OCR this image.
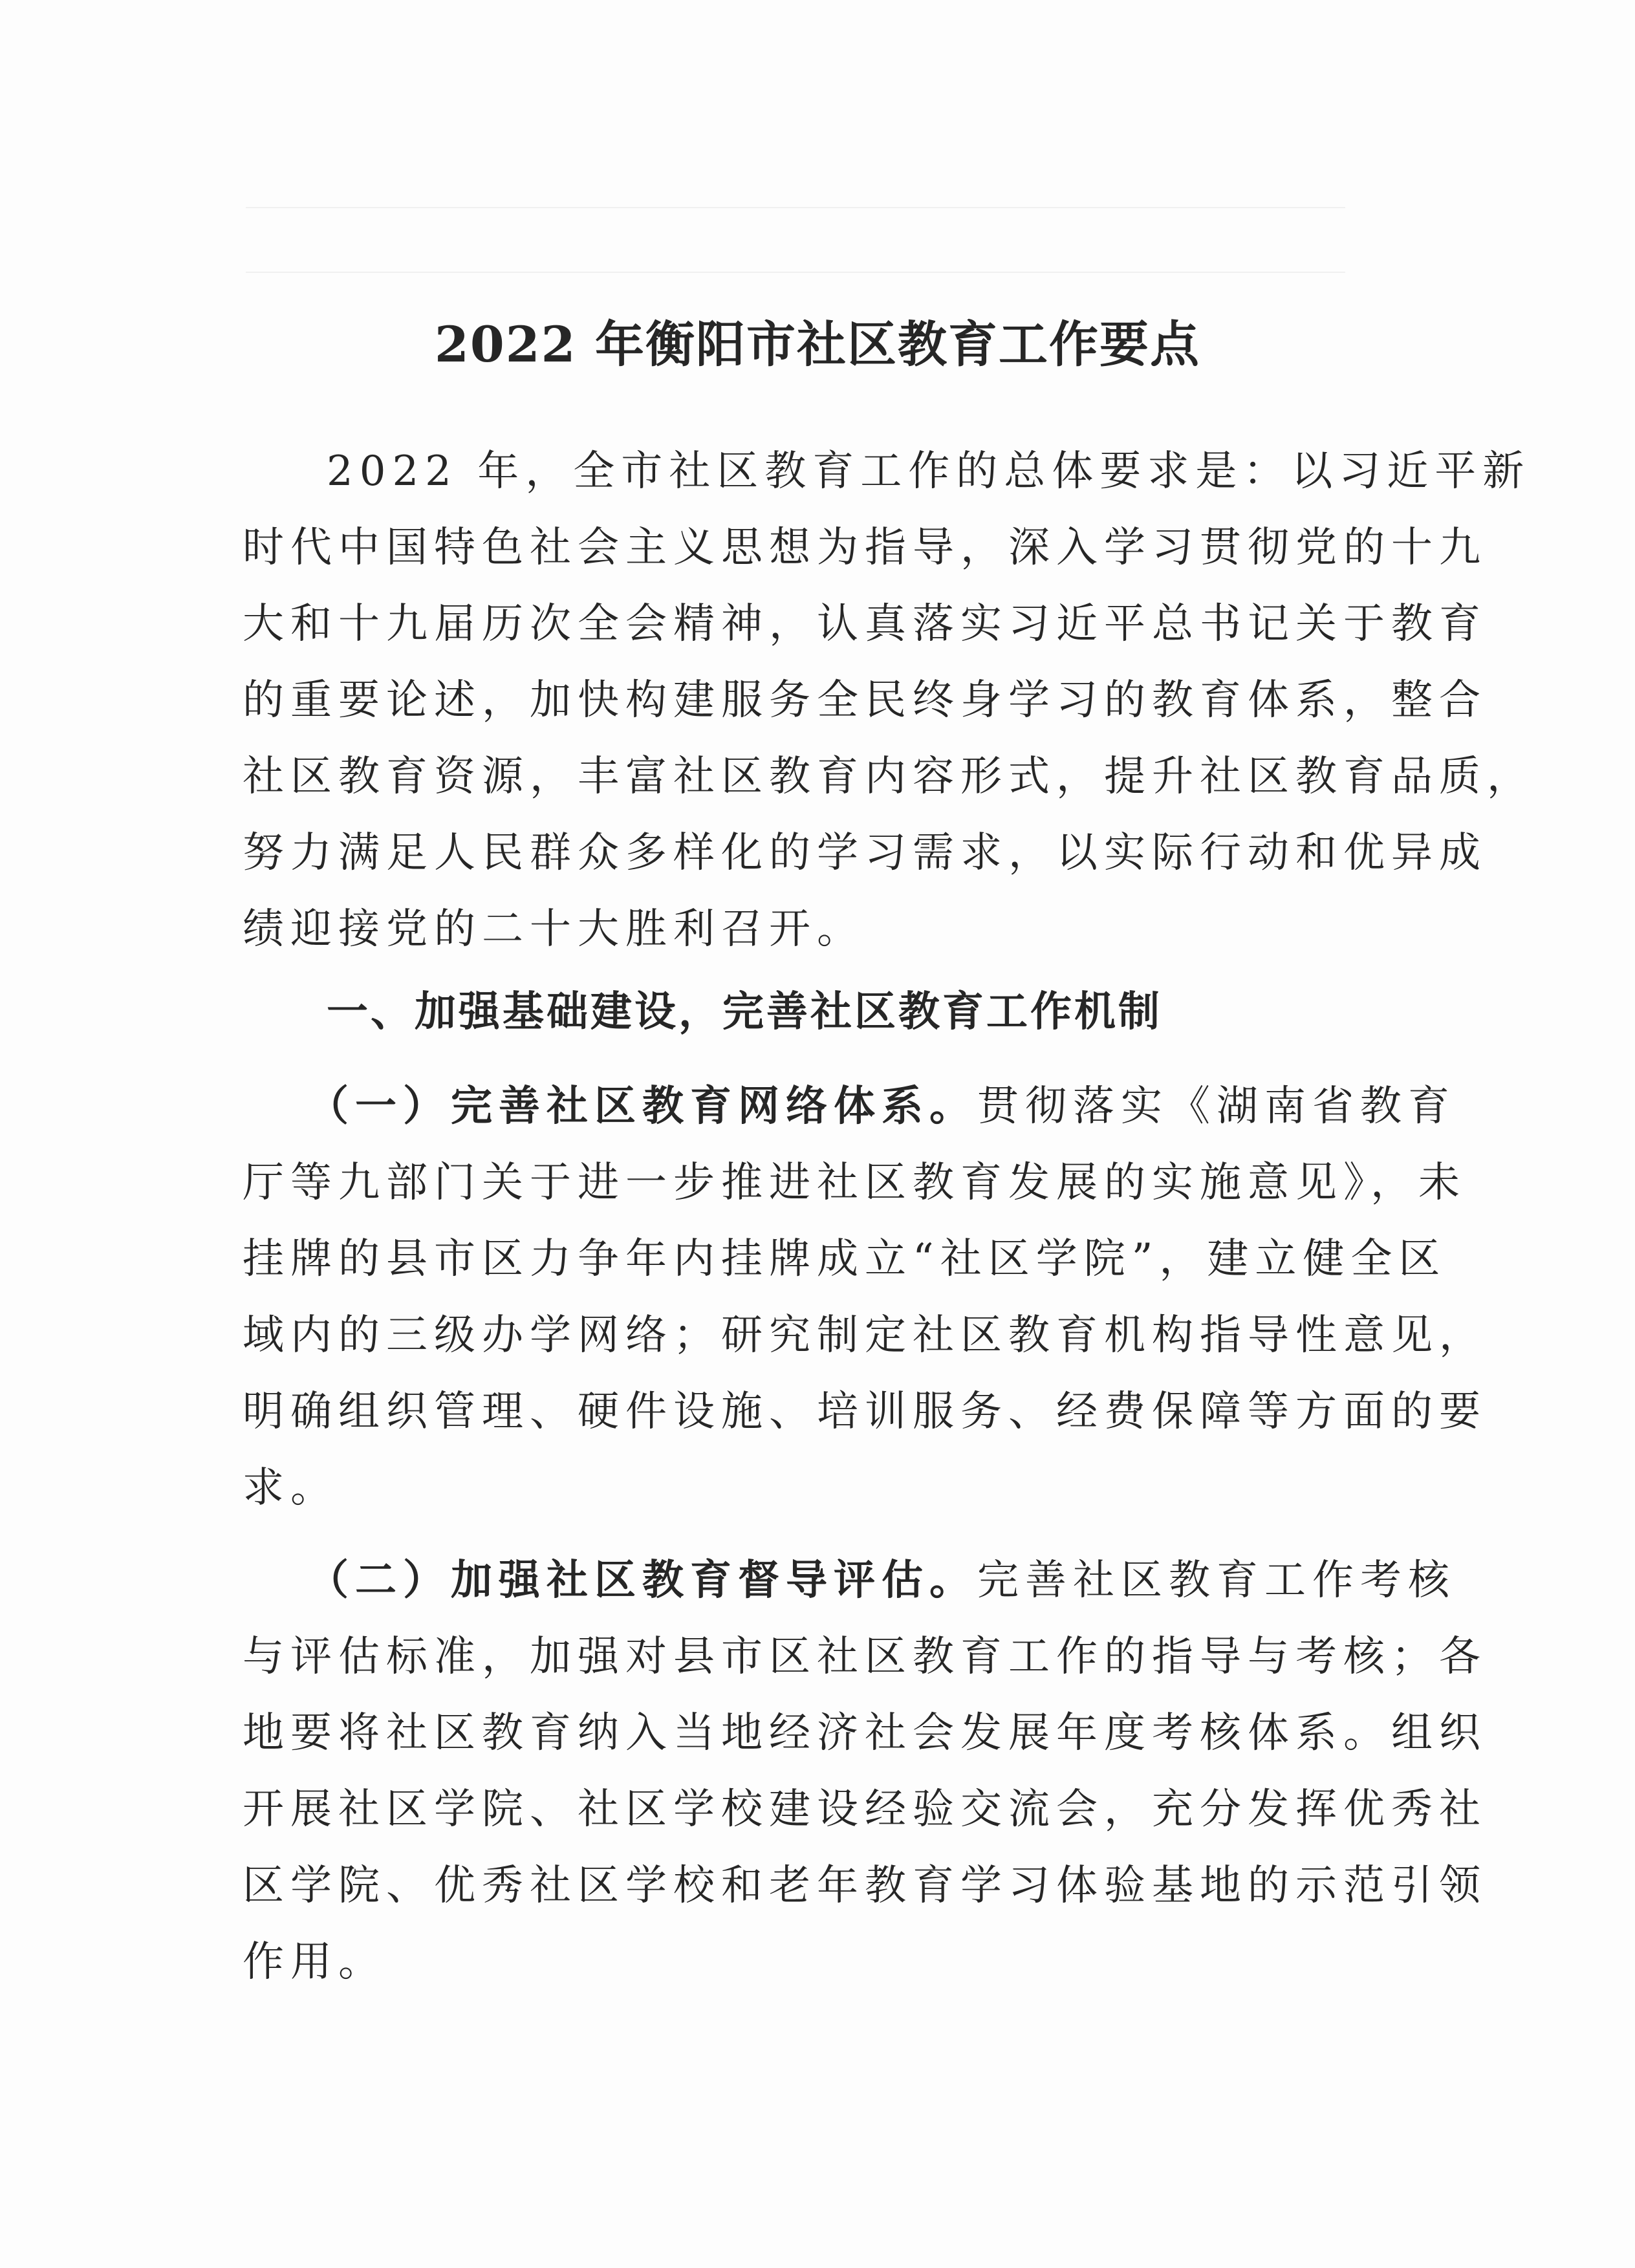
2022 年衡阳市社区教育工作要点
2022 年，全市社区教育工作的总体要求是：以习近平新
时代中国特色社会主义思想为指导，深入学习贯彻党的十九
大和十九届历次全会精神，认真落实习近平总书记关于教育
的重要论述，加快构建服务全民终身学习的教育体系，整合
社区教育资源，丰富社区教育内容形式，提升社区教育品质，
努力满足人民群众多样化的学习需求，以实际行动和优异成
绩迎接党的二十大胜利召开。
一、加强基础建设，完善社区教育工作机制
（一）完善社区教育网络体系。贯彻落实《湖南省教育
厅等九部门关于进一步推进社区教育发展的实施意见》，未
挂牌的县市区力争年内挂牌成立“社区学院”，建立健全区
域内的三级办学网络；研究制定社区教育机构指导性意见，
明确组织管理、硬件设施、培训服务、经费保障等方面的要
求。
（二）加强社区教育督导评估。完善社区教育工作考核
与评估标准，加强对县市区社区教育工作的指导与考核；各
地要将社区教育纳入当地经济社会发展年度考核体系。组织
开展社区学院、社区学校建设经验交流会，充分发挥优秀社
区学院、优秀社区学校和老年教育学习体验基地的示范引领
作用。
